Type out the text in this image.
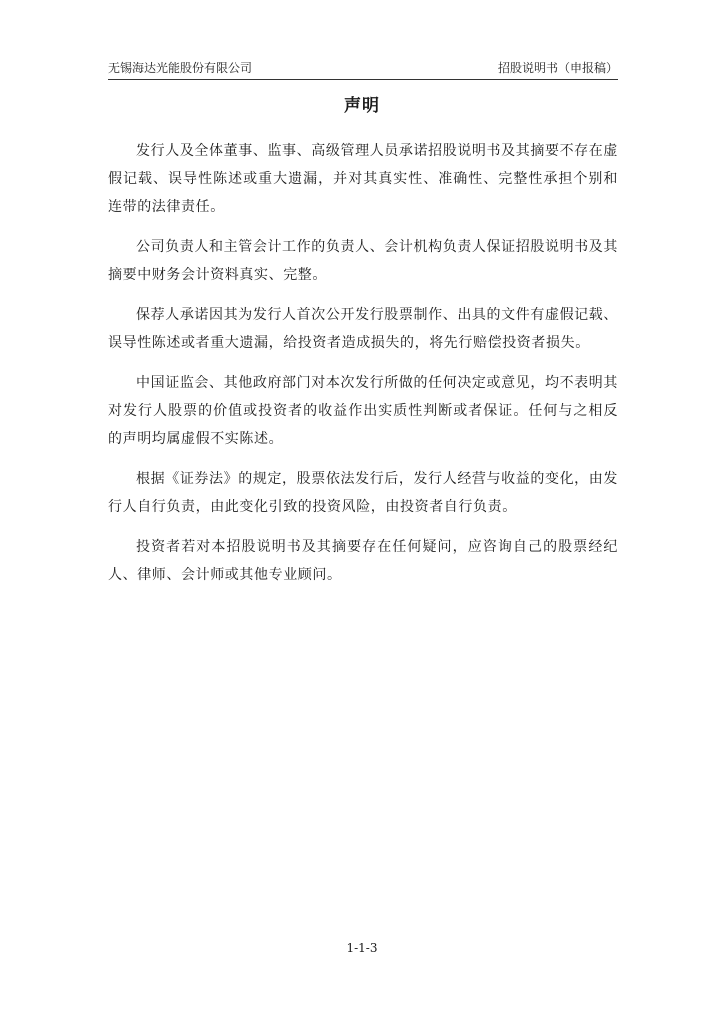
无锡海达光能股份有限公司	招股说明书（申报稿）
声明

发行人及全体董事、监事、高级管理人员承诺招股说明书及其摘要不存在虚假记载、误导性陈述或重大遗漏，并对其真实性、准确性、完整性承担个别和连带的法律责任。

公司负责人和主管会计工作的负责人、会计机构负责人保证招股说明书及其摘要中财务会计资料真实、完整。

保荐人承诺因其为发行人首次公开发行股票制作、出具的文件有虚假记载、误导性陈述或者重大遗漏，给投资者造成损失的，将先行赔偿投资者损失。

中国证监会、其他政府部门对本次发行所做的任何决定或意见，均不表明其对发行人股票的价值或投资者的收益作出实质性判断或者保证。任何与之相反的声明均属虚假不实陈述。

根据《证券法》的规定，股票依法发行后，发行人经营与收益的变化，由发行人自行负责，由此变化引致的投资风险，由投资者自行负责。

投资者若对本招股说明书及其摘要存在任何疑问，应咨询自己的股票经纪人、律师、会计师或其他专业顾问。

1-1-3
